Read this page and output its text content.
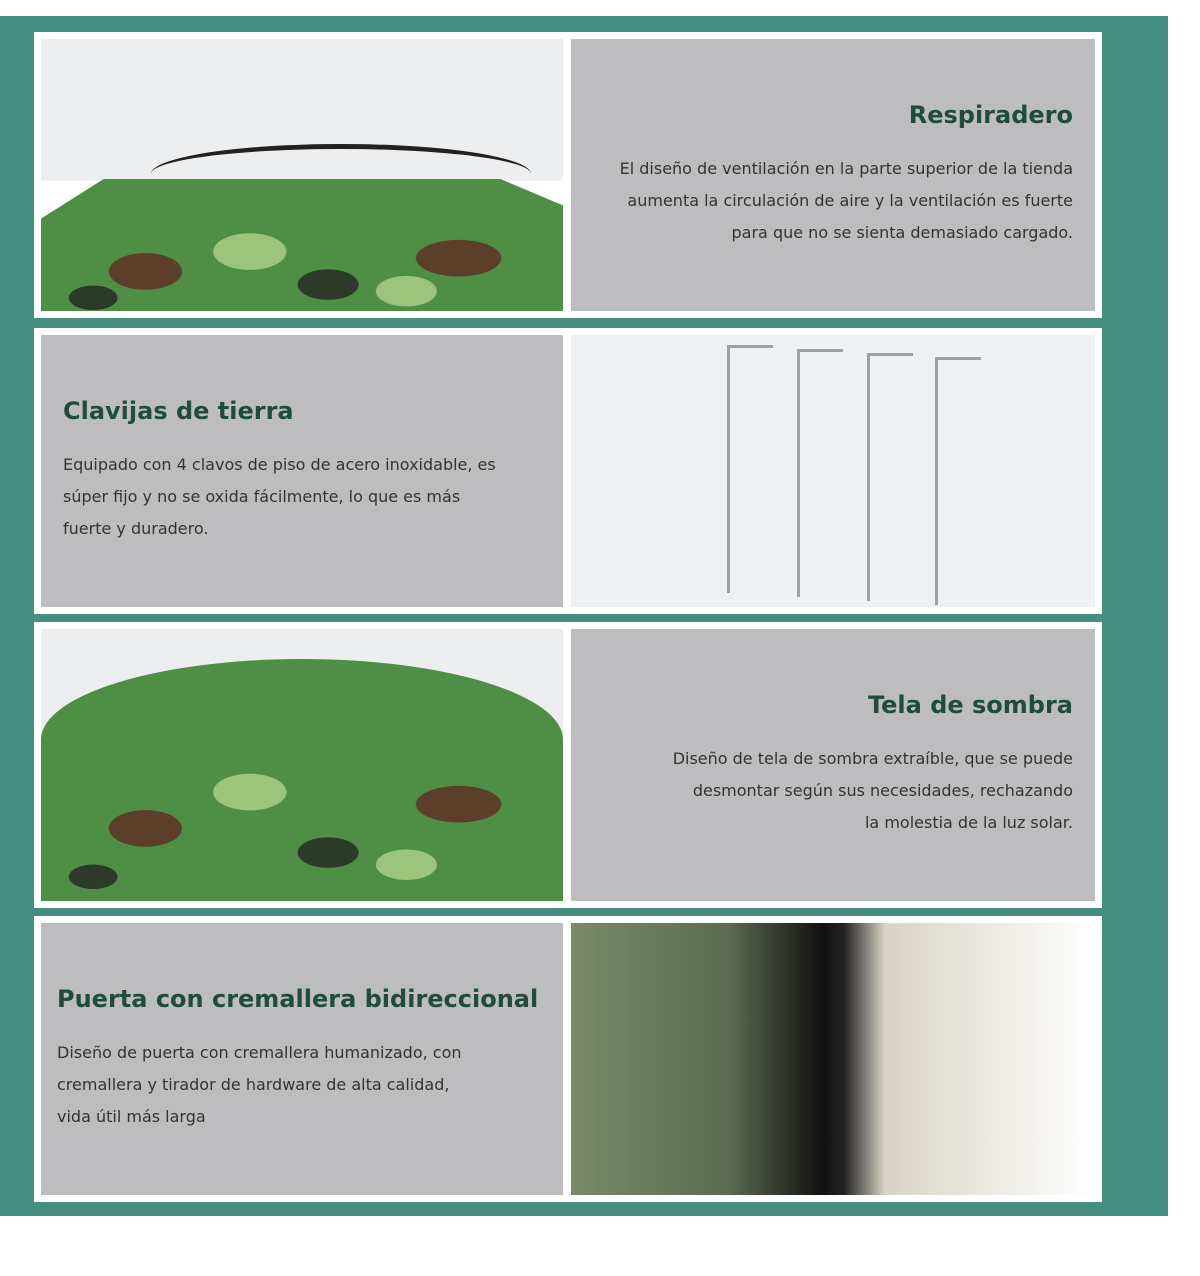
Respiradero
El diseño de ventilación en la parte superior de la tienda
aumenta la circulación de aire y la ventilación es fuerte
para que no se sienta demasiado cargado.
Clavijas de tierra
Equipado con 4 clavos de piso de acero inoxidable, es
súper fijo y no se oxida fácilmente, lo que es más
fuerte y duradero.
Tela de sombra
Diseño de tela de sombra extraíble, que se puede
desmontar según sus necesidades, rechazando
la molestia de la luz solar.
Puerta con cremallera bidireccional
Diseño de puerta con cremallera humanizado, con
cremallera y tirador de hardware de alta calidad,
vida útil más larga
